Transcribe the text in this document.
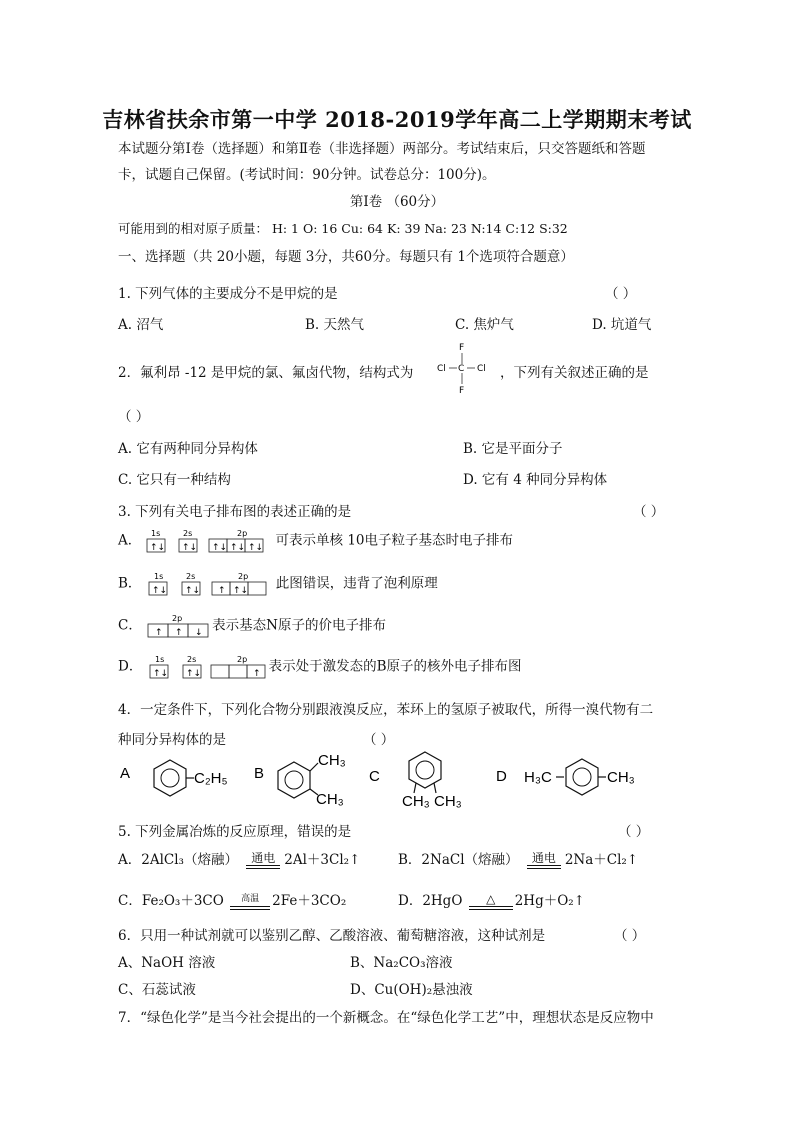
吉林省扶余市第一中学 2018-2019学年高二上学期期末考试
本试题分第Ⅰ卷（选择题）和第Ⅱ卷（非选择题）两部分。考试结束后，只交答题纸和答题
卡，试题自己保留。(考试时间：90分钟。试卷总分：100分)。
第Ⅰ卷 （60分）
可能用到的相对原子质量： H: 1 O: 16 Cu: 64 K: 39 Na: 23 N:14 C:12 S:32
一、选择题（共 20小题，每题 3分，共60分。每题只有 1个选项符合题意）
1. 下列气体的主要成分不是甲烷的是	（ ）
A. 沼气	B. 天然气	C. 焦炉气	D. 坑道气
2．氟利昂 -12 是甲烷的氯、氟卤代物，结构式为
F
Cl C Cl
F
，下列有关叙述正确的是
（ ）
A. 它有两种同分异构体	B. 它是平面分子
C. 它只有一种结构	D. 它有 4 种同分异构体
3. 下列有关电子排布图的表述正确的是	（ ）
A． 1s
↑↓
2s
↑↓
2p
↑↓ ↑↓ ↑↓ 可表示单核 10电子粒子基态时电子排布
B． 1s
↑↓
2s
↑↓
2p
↑ ↑↓ 此图错误，违背了泡利原理
C．	2p
↑ ↑ ↓ 表示基态N原子的价电子排布
D． 1s
↑↓
2s
↑↓
2p
↑ 表示处于激发态的B原子的核外电子排布图
4．一定条件下，下列化合物分别跟液溴反应，苯环上的氢原子被取代，所得一溴代物有二
种同分异构体的是	（ ）
A	C₂H₅ B
CH₃
CH₃
C
CH₃ CH₃
D H₃C	CH₃
5. 下列金属冶炼的反应原理，错误的是	（ ）
A．2AlCl₃（熔融）	通电 2Al＋3Cl₂↑	B．2NaCl（熔融）	通电 2Na＋Cl₂↑
C．Fe₂O₃＋3CO	高温 2Fe＋3CO₂	D．2HgO	△	2Hg＋O₂↑
6．只用一种试剂就可以鉴别乙醇、乙酸溶液、葡萄糖溶液，这种试剂是	（ ）
A、NaOH 溶液	B、Na₂CO₃溶液
C、石蕊试液	D、Cu(OH)₂悬浊液
7．“绿色化学”是当今社会提出的一个新概念。在“绿色化学工艺”中，理想状态是反应物中
